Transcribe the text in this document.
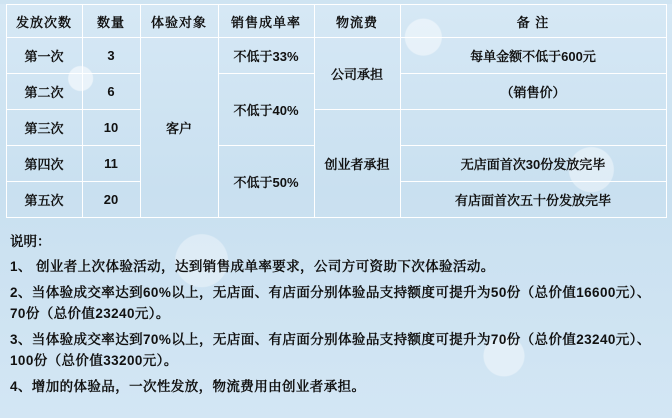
发放次数	数量	体验对象	销售成单率	物流费	备 注
第一次	3	客户	不低于33%	公司承担	每单金额不低于600元
第二次	6		不低于40%		（销售价）
第三次	10			创业者承担	
第四次	11		不低于50%		无店面首次30份发放完毕
第五次	20				有店面首次五十份发放完毕
说明：

1、 创业者上次体验活动，达到销售成单率要求，公司方可资助下次体验活动。

2、当体验成交率达到60%以上，无店面、有店面分别体验品支持额度可提升为50份（总价值16600元）、70份（总价值23240元）。

3、当体验成交率达到70%以上，无店面、有店面分别体验品支持额度可提升为70份（总价值23240元）、100份（总价值33200元）。

4、增加的体验品，一次性发放，物流费用由创业者承担。
